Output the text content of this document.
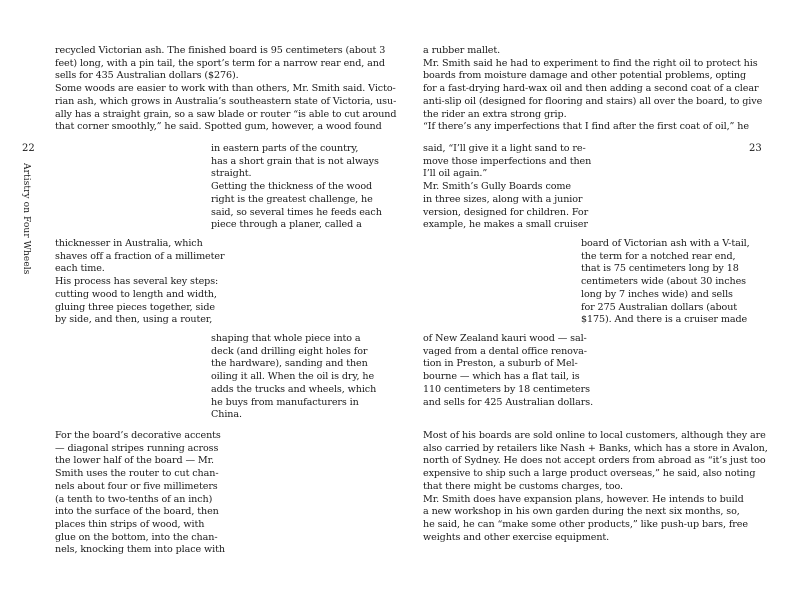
22
Artistry on Four Wheels
recycled Victorian ash. The finished board is 95 centimeters (about 3
feet) long, with a pin tail, the sport’s term for a narrow rear end, and
sells for 435 Australian dollars ($276).
Some woods are easier to work with than others, Mr. Smith said. Victo-
rian ash, which grows in Australia’s southeastern state of Victoria, usu-
ally has a straight grain, so a saw blade or router “is able to cut around
that corner smoothly,” he said. Spotted gum, however, a wood found
in eastern parts of the country,
has a short grain that is not always
straight.
Getting the thickness of the wood
right is the greatest challenge, he
said, so several times he feeds each
piece through a planer, called a
thicknesser in Australia, which
shaves off a fraction of a millimeter
each time.
His process has several key steps:
cutting wood to length and width,
gluing three pieces together, side
by side, and then, using a router,
shaping that whole piece into a
deck (and drilling eight holes for
the hardware), sanding and then
oiling it all. When the oil is dry, he
adds the trucks and wheels, which
he buys from manufacturers in
China.
For the board’s decorative accents
— diagonal stripes running across
the lower half of the board — Mr.
Smith uses the router to cut chan-
nels about four or five millimeters
(a tenth to two-tenths of an inch)
into the surface of the board, then
places thin strips of wood, with
glue on the bottom, into the chan-
nels, knocking them into place with
23
a rubber mallet.
Mr. Smith said he had to experiment to find the right oil to protect his
boards from moisture damage and other potential problems, opting
for a fast-drying hard-wax oil and then adding a second coat of a clear
anti-slip oil (designed for flooring and stairs) all over the board, to give
the rider an extra strong grip.
“If there’s any imperfections that I find after the first coat of oil,” he
said, “I’ll give it a light sand to re-
move those imperfections and then
I’ll oil again.”
Mr. Smith’s Gully Boards come
in three sizes, along with a junior
version, designed for children. For
example, he makes a small cruiser
board of Victorian ash with a V-tail,
the term for a notched rear end,
that is 75 centimeters long by 18
centimeters wide (about 30 inches
long by 7 inches wide) and sells
for 275 Australian dollars (about
$175). And there is a cruiser made
of New Zealand kauri wood — sal-
vaged from a dental office renova-
tion in Preston, a suburb of Mel-
bourne — which has a flat tail, is
110 centimeters by 18 centimeters
and sells for 425 Australian dollars.
Most of his boards are sold online to local customers, although they are
also carried by retailers like Nash + Banks, which has a store in Avalon,
north of Sydney. He does not accept orders from abroad as “it’s just too
expensive to ship such a large product overseas,” he said, also noting
that there might be customs charges, too.
Mr. Smith does have expansion plans, however. He intends to build
a new workshop in his own garden during the next six months, so,
he said, he can “make some other products,” like push-up bars, free
weights and other exercise equipment.
